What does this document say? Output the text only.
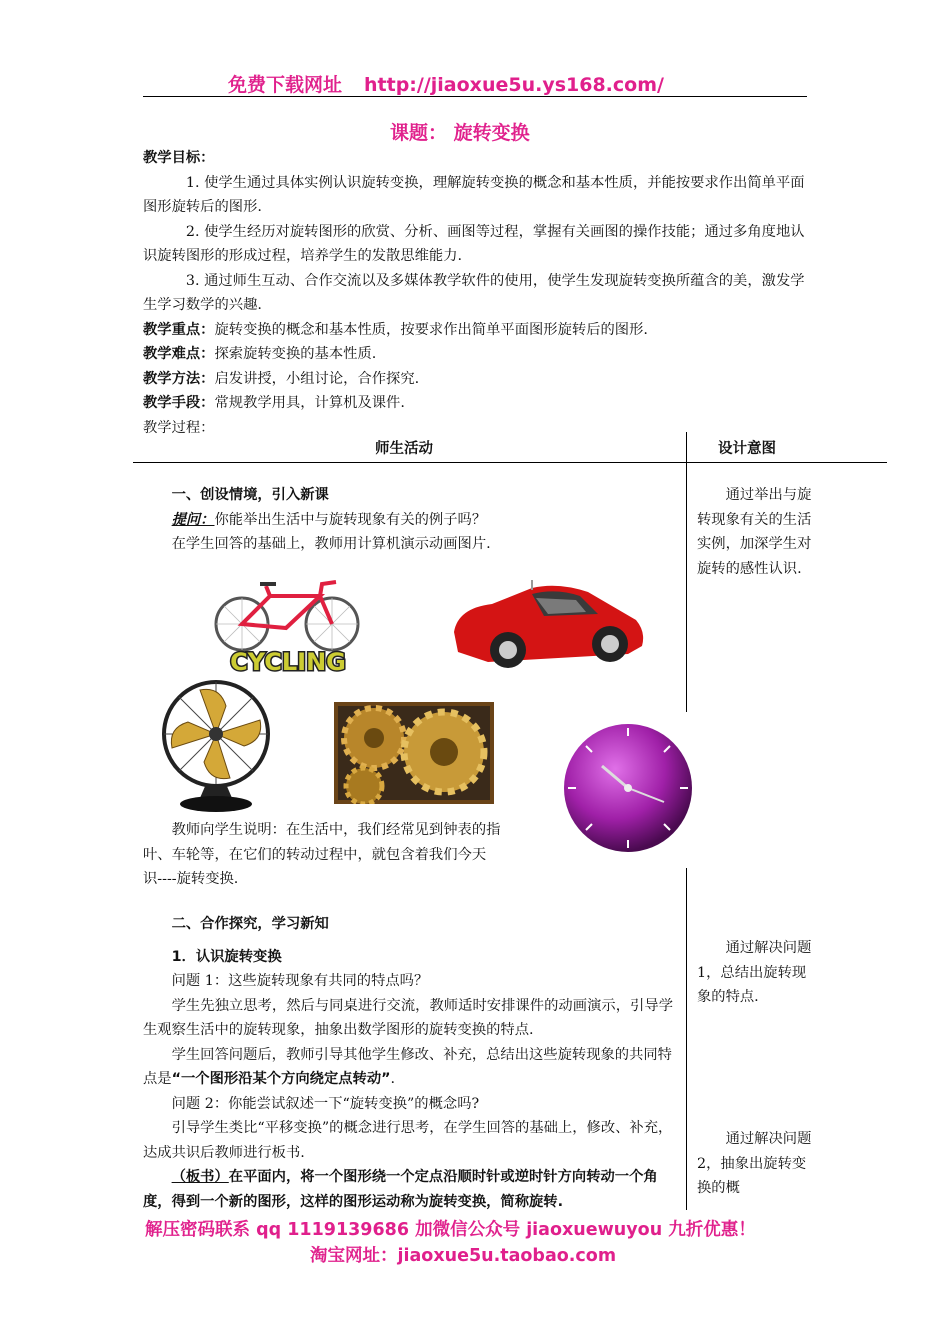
免费下载网址 http://jiaoxue5u.ys168.com/
课题： 旋转变换
教学目标：
1. 使学生通过具体实例认识旋转变换，理解旋转变换的概念和基本性质，并能按要求作出简单平面图形旋转后的图形.
2. 使学生经历对旋转图形的欣赏、分析、画图等过程，掌握有关画图的操作技能；通过多角度地认识旋转图形的形成过程，培养学生的发散思维能力.
3. 通过师生互动、合作交流以及多媒体教学软件的使用，使学生发现旋转变换所蕴含的美，激发学生学习数学的兴趣.
教学重点：旋转变换的概念和基本性质，按要求作出简单平面图形旋转后的图形.
教学难点：探索旋转变换的基本性质.
教学方法：启发讲授，小组讨论，合作探究.
教学手段：常规教学用具，计算机及课件.
教学过程：
师生活动	设计意图
一、创设情境，引入新课
提问：你能举出生活中与旋转现象有关的例子吗？
在学生回答的基础上，教师用计算机演示动画图片.
通过举出与旋转现象有关的生活实例，加深学生对旋转的感性认识.
CYCLING
教师向学生说明：在生活中，我们经常见到钟表的指
叶、车轮等，在它们的转动过程中，就包含着我们今天
识----旋转变换.
二、合作探究，学习新知
1．认识旋转变换
问题 1：这些旋转现象有共同的特点吗？
学生先独立思考，然后与同桌进行交流，教师适时安排课件的动画演示，引导学生观察生活中的旋转现象，抽象出数学图形的旋转变换的特点.
学生回答问题后，教师引导其他学生修改、补充，总结出这些旋转现象的共同特点是“一个图形沿某个方向绕定点转动”.
问题 2：你能尝试叙述一下“旋转变换”的概念吗?
引导学生类比“平移变换”的概念进行思考，在学生回答的基础上，修改、补充，达成共识后教师进行板书.
（板书）在平面内，将一个图形绕一个定点沿顺时针或逆时针方向转动一个角度，得到一个新的图形，这样的图形运动称为旋转变换，简称旋转.
通过解决问题 1，总结出旋转现象的特点.
通过解决问题 2，抽象出旋转变换的概
解压密码联系 qq 1119139686 加微信公众号 jiaoxuewuyou 九折优惠！
淘宝网址：jiaoxue5u.taobao.com
